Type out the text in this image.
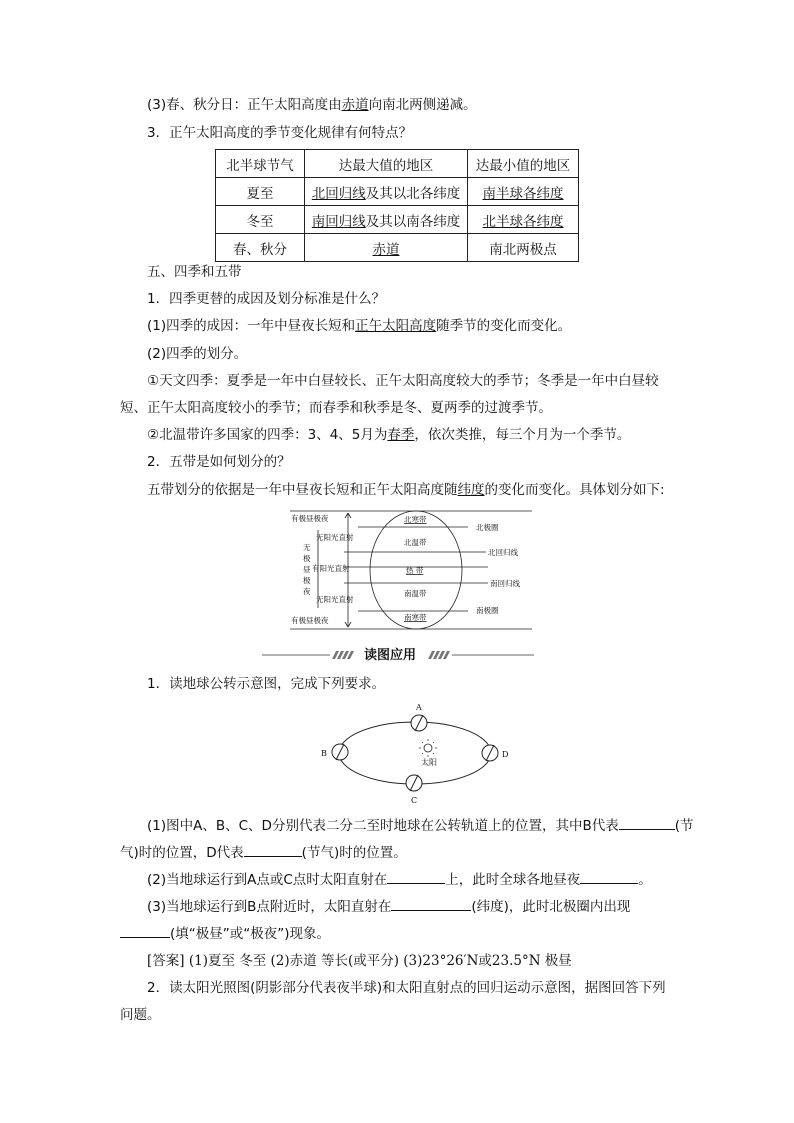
(3)春、秋分日：正午太阳高度由赤道向南北两侧递减。
3．正午太阳高度的季节变化规律有何特点？
北半球节气	达最大值的地区	达最小值的地区
夏至	北回归线及其以北各纬度	南半球各纬度
冬至	南回归线及其以南各纬度	北半球各纬度
春、秋分	赤道	南北两极点
五、四季和五带
1．四季更替的成因及划分标准是什么？
(1)四季的成因：一年中昼夜长短和正午太阳高度随季节的变化而变化。
(2)四季的划分。
①天文四季：夏季是一年中白昼较长、正午太阳高度较大的季节；冬季是一年中白昼较
短、正午太阳高度较小的季节；而春季和秋季是冬、夏两季的过渡季节。
②北温带许多国家的四季：3、4、5月为春季，依次类推，每三个月为一个季节。
2．五带是如何划分的？
五带划分的依据是一年中昼夜长短和正午太阳高度随纬度的变化而变化。具体划分如下:
有极昼极夜
无阳光直射
有阳光直射
无阳光直射
有极昼极夜
无
极
昼
极
夜
北寒带
北温带
热 带
南温带
南寒带
北极圈
北回归线
南回归线
南极圈
读图应用
1．读地球公转示意图，完成下列要求。
A
B
C
D
太阳
(1)图中A、B、C、D分别代表二分二至时地球在公转轨道上的位置，其中B代表	(节
气)时的位置，D代表	(节气)时的位置。
(2)当地球运行到A点或C点时太阳直射在	上，此时全球各地昼夜	。
(3)当地球运行到B点附近时，太阳直射在	(纬度)，此时北极圈内出现
(填“极昼”或“极夜”)现象。
[答案] (1)夏至 冬至 (2)赤道 等长(或平分) (3)23°26′N或23.5°N 极昼
2．读太阳光照图(阴影部分代表夜半球)和太阳直射点的回归运动示意图，据图回答下列
问题。
